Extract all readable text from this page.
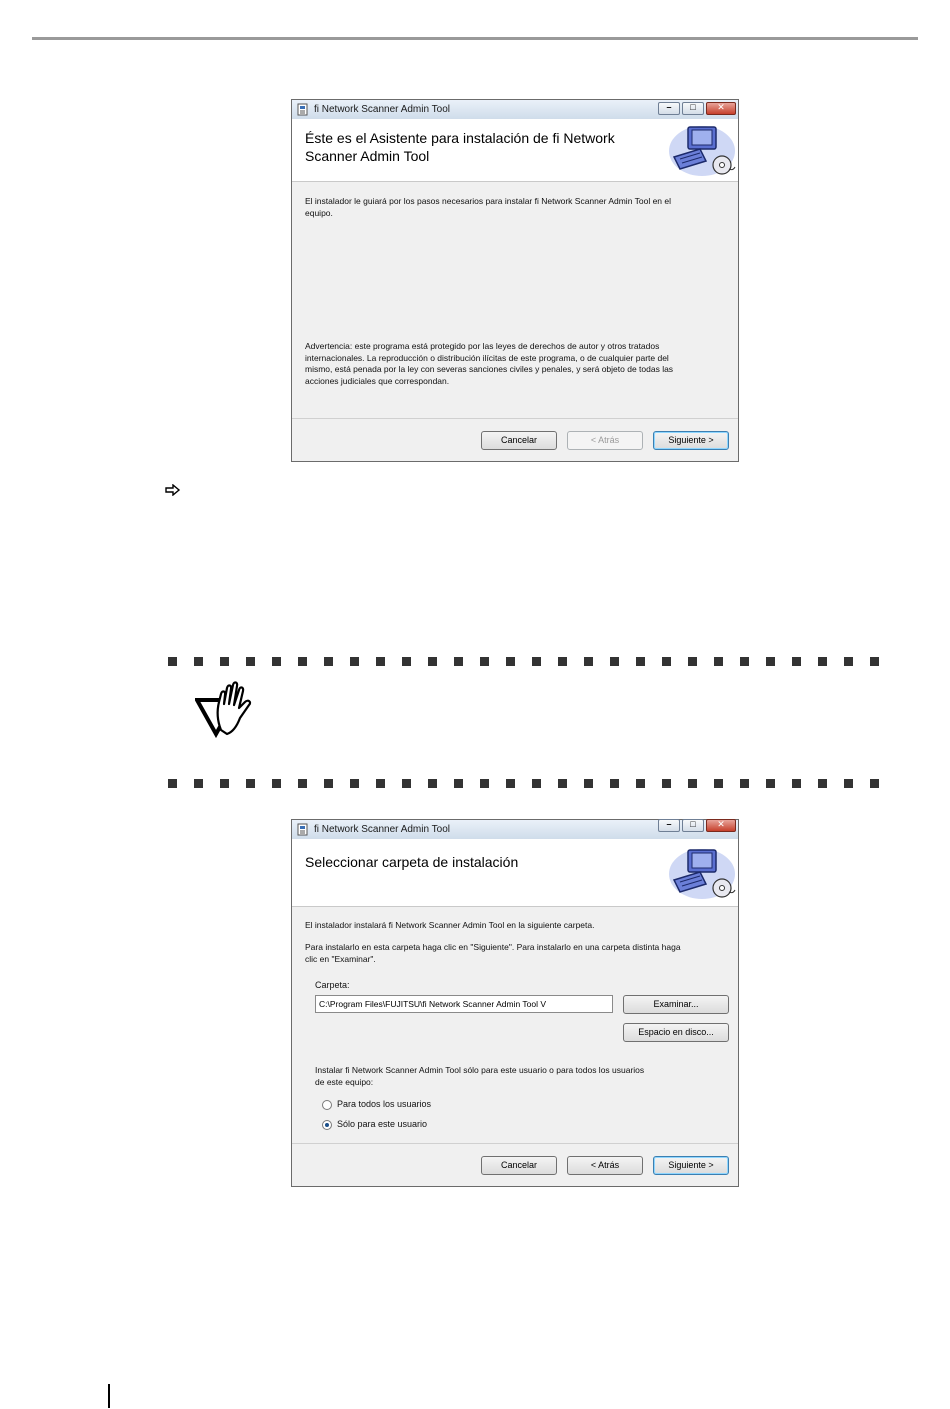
fi Network Scanner Admin Tool	–	□	✕
Éste es el Asistente para instalación de fi Network
Scanner Admin Tool
El instalador le guiará por los pasos necesarios para instalar fi Network Scanner Admin Tool en el
equipo.
Advertencia: este programa está protegido por las leyes de derechos de autor y otros tratados
internacionales. La reproducción o distribución ilícitas de este programa, o de cualquier parte del
mismo, está penada por la ley con severas sanciones civiles y penales, y será objeto de todas las
acciones judiciales que correspondan.
Cancelar	< Atrás	Siguiente >
fi Network Scanner Admin Tool	–	□	✕
Seleccionar carpeta de instalación
El instalador instalará fi Network Scanner Admin Tool en la siguiente carpeta.
Para instalarlo en esta carpeta haga clic en "Siguiente". Para instalarlo en una carpeta distinta haga
clic en "Examinar".
Carpeta:
C:\Program Files\FUJITSU\fi Network Scanner Admin Tool V	Examinar...
Espacio en disco...
Instalar fi Network Scanner Admin Tool sólo para este usuario o para todos los usuarios
de este equipo:
Para todos los usuarios
Sólo para este usuario
Cancelar	< Atrás	Siguiente >
